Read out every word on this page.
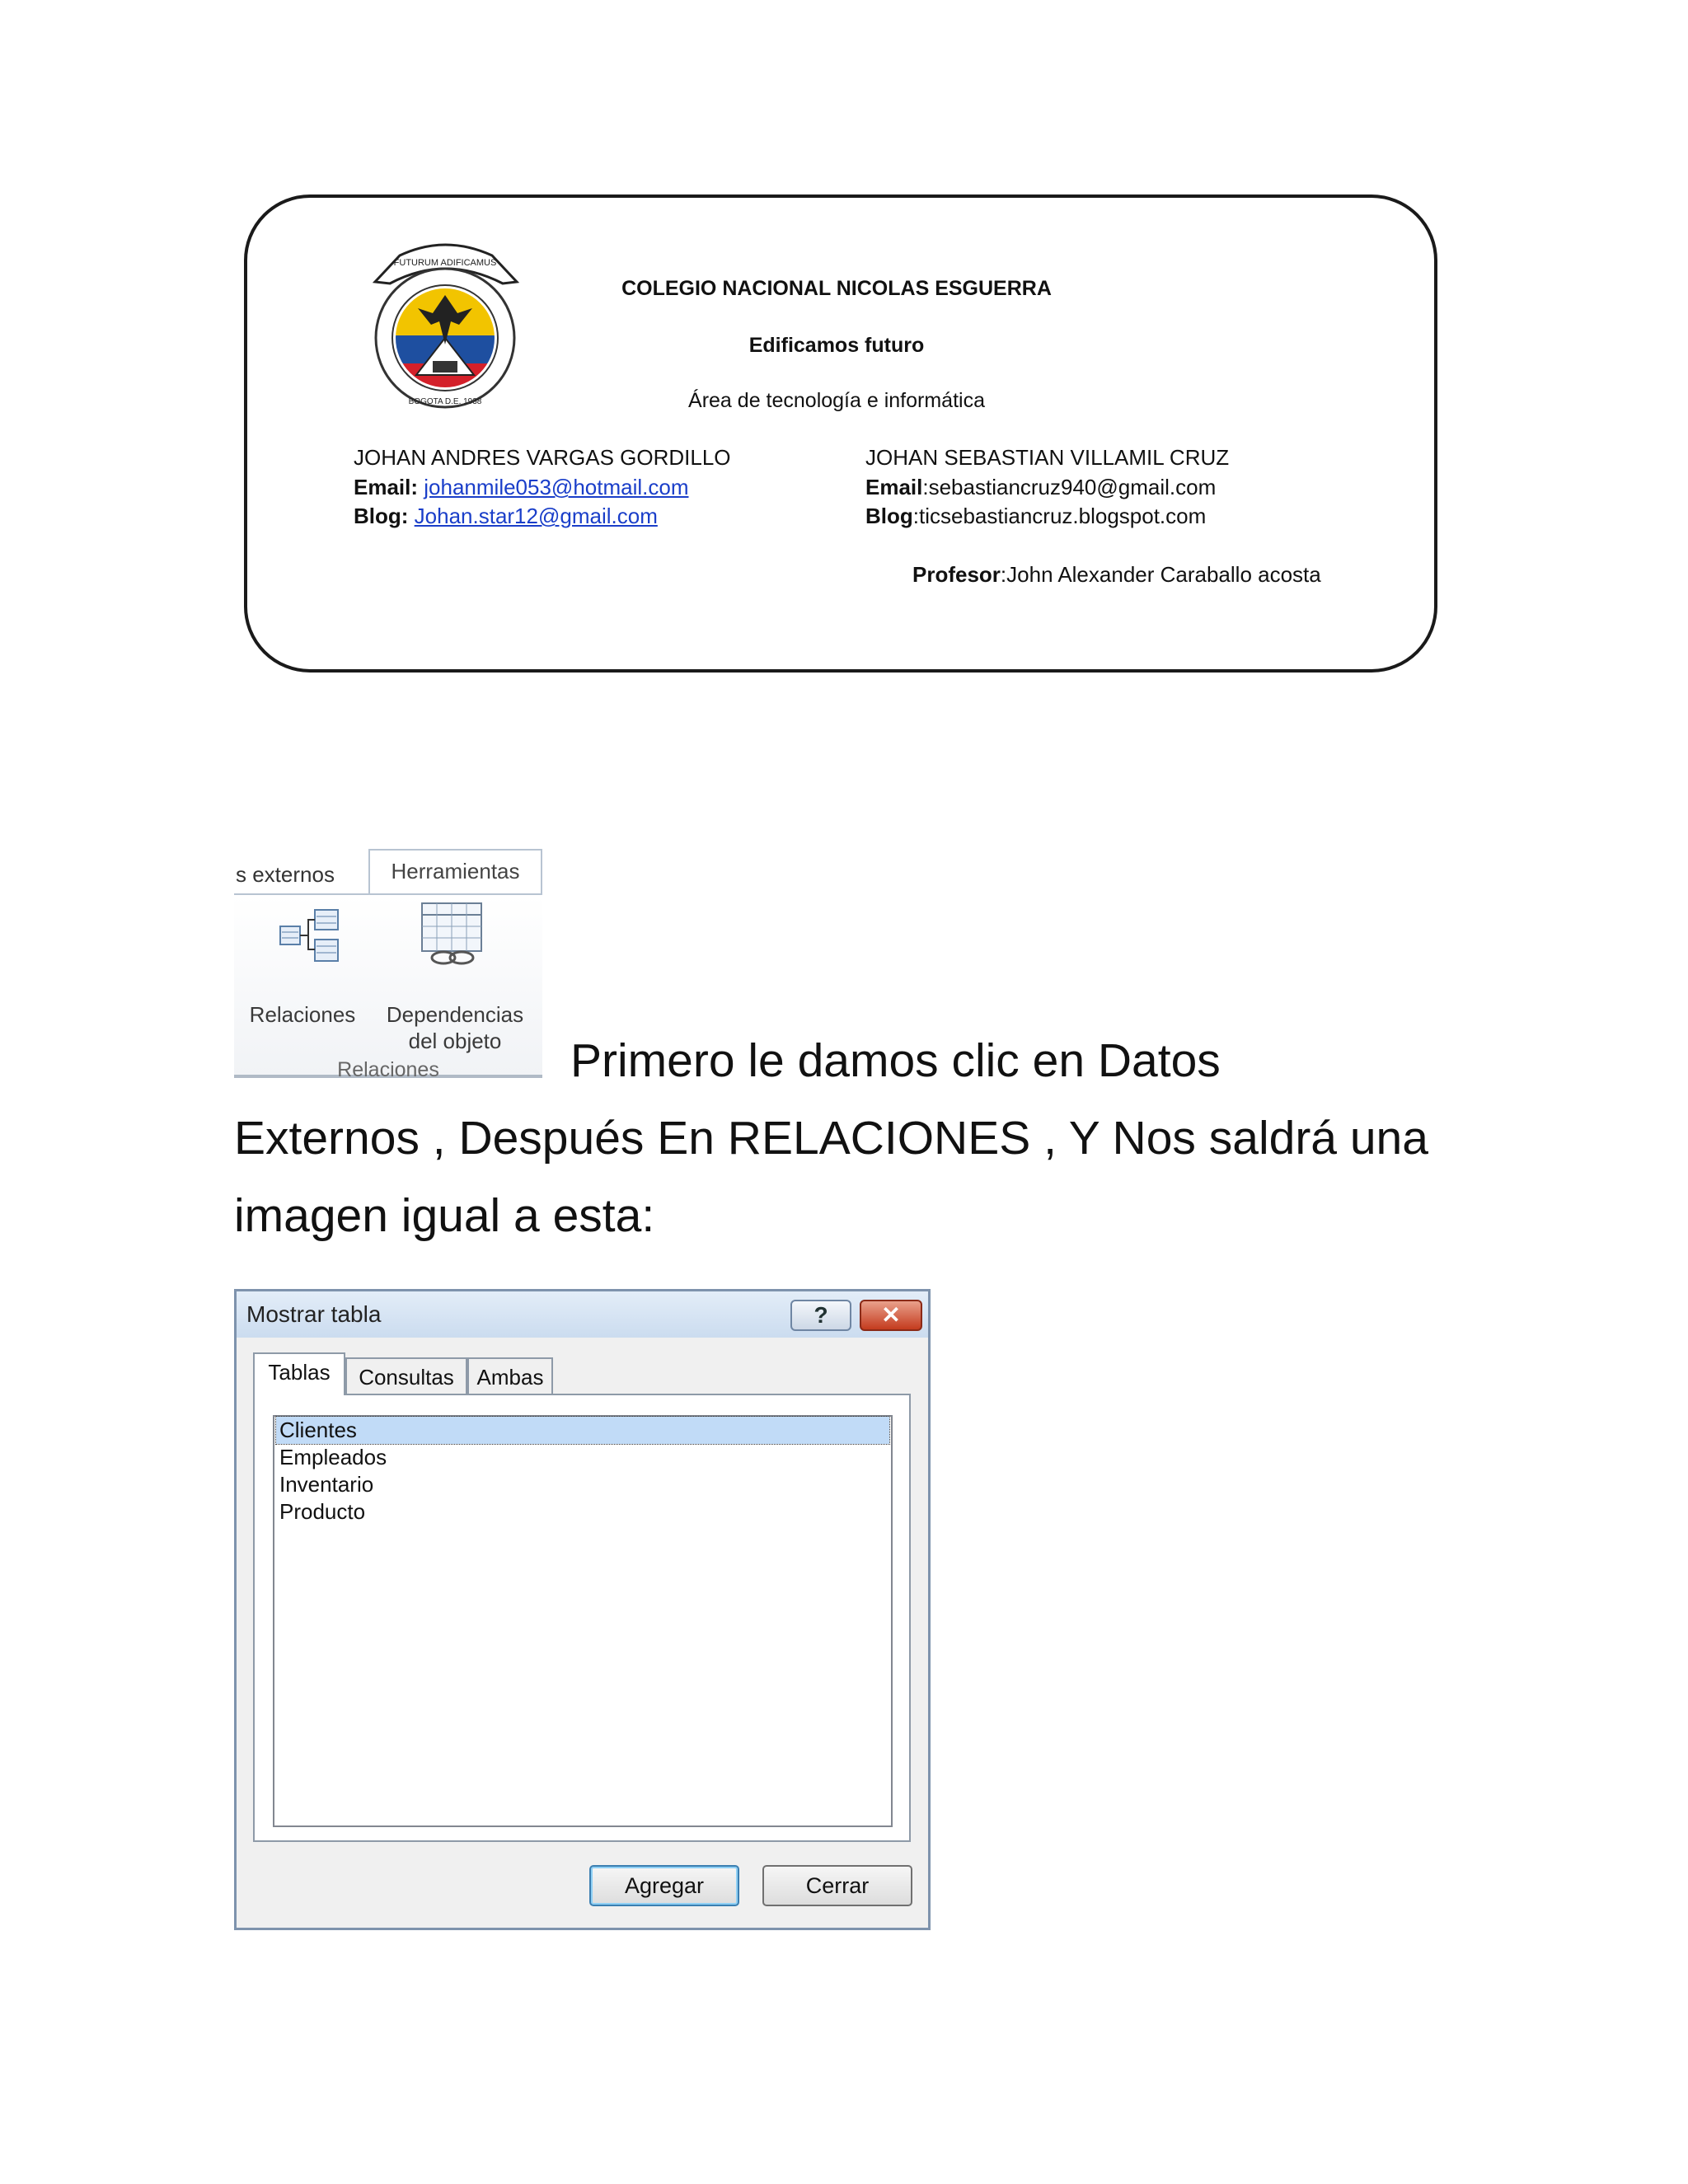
FUTURUM ADIFICAMUS
BOGOTA D.E. 1938
COLEGIO NACIONAL NICOLAS ESGUERRA
Edificamos futuro
Área de tecnología e informática
JOHAN ANDRES VARGAS GORDILLO
Email: johanmile053@hotmail.com
Blog: Johan.star12@gmail.com
JOHAN SEBASTIAN VILLAMIL CRUZ
Email:sebastiancruz940@gmail.com
Blog:ticsebastiancruz.blogspot.com
Profesor:John Alexander Caraballo acosta
s externos	Herramientas
Relaciones	Dependencias
del objeto
Relaciones	Primero le damos clic en Datos
Externos , Después En RELACIONES , Y Nos saldrá una
imagen igual a esta:
Mostrar tabla	?	✕
Tablas	Consultas	Ambas
Clientes
Empleados
Inventario
Producto
Agregar	Cerrar
